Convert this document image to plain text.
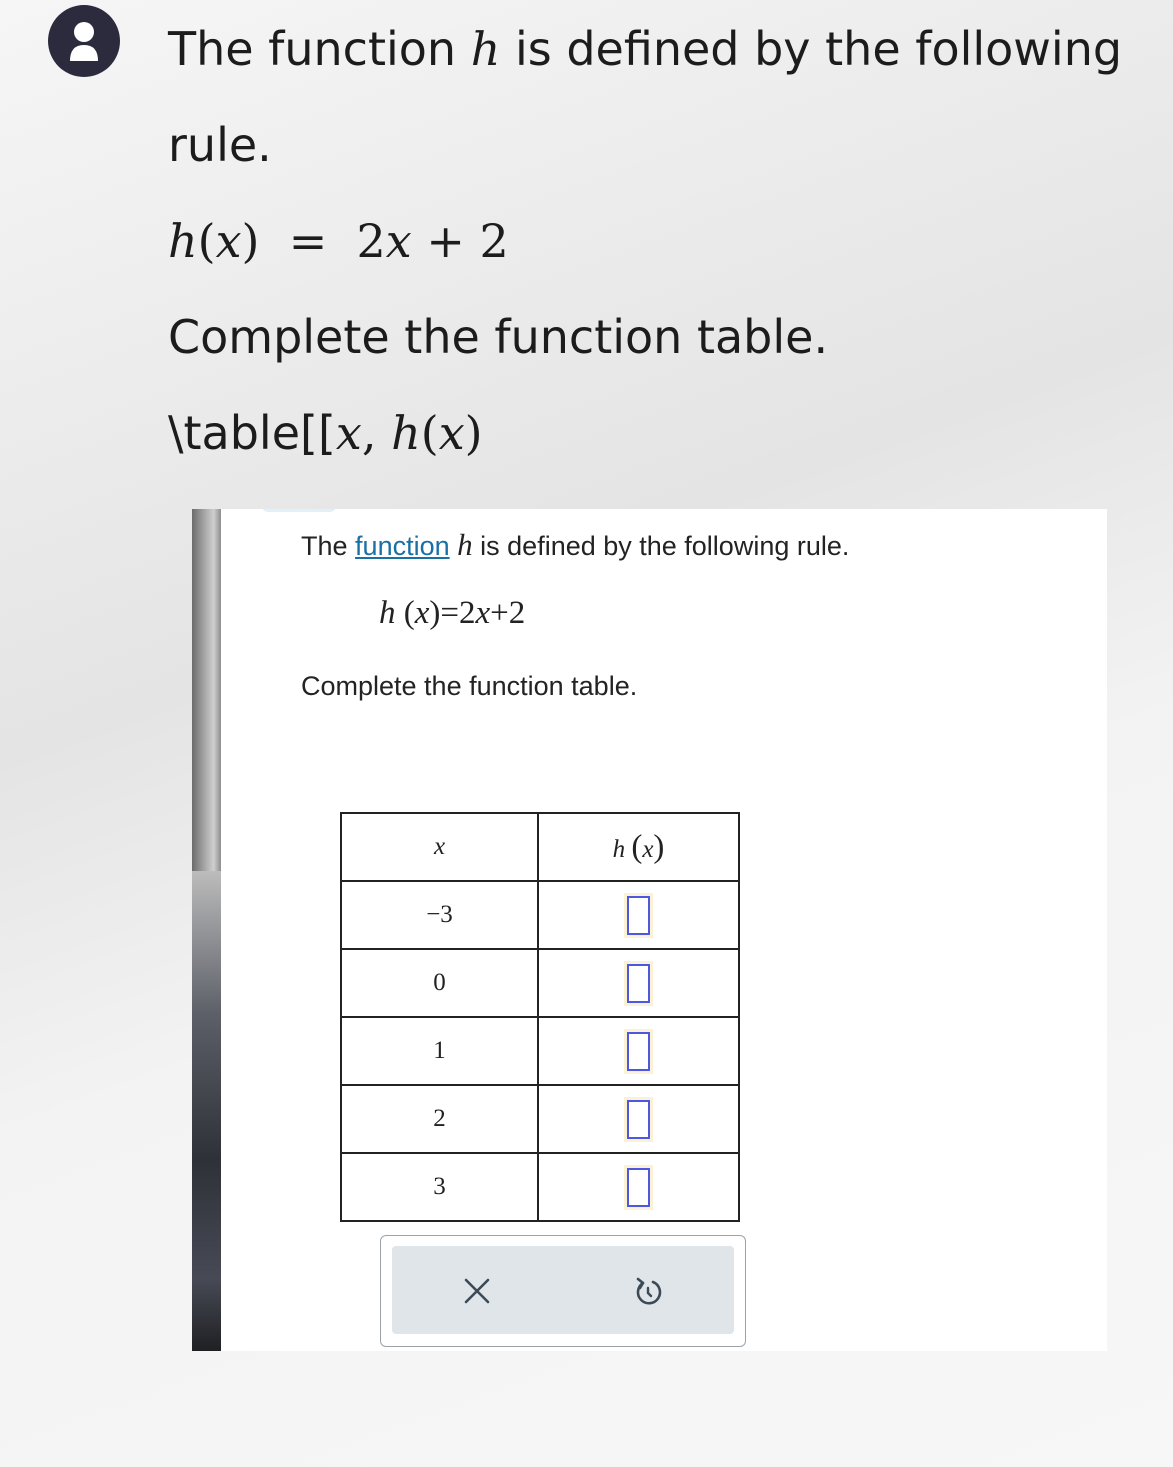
The function h is defined by the following
rule.
h(x)  =  2x + 2
Complete the function table.
\table[[x, h(x)
The function h is defined by the following rule.
h (x)=2x+2
Complete the function table.
x	h (x)
−3	
0	
1	
2	
3	
